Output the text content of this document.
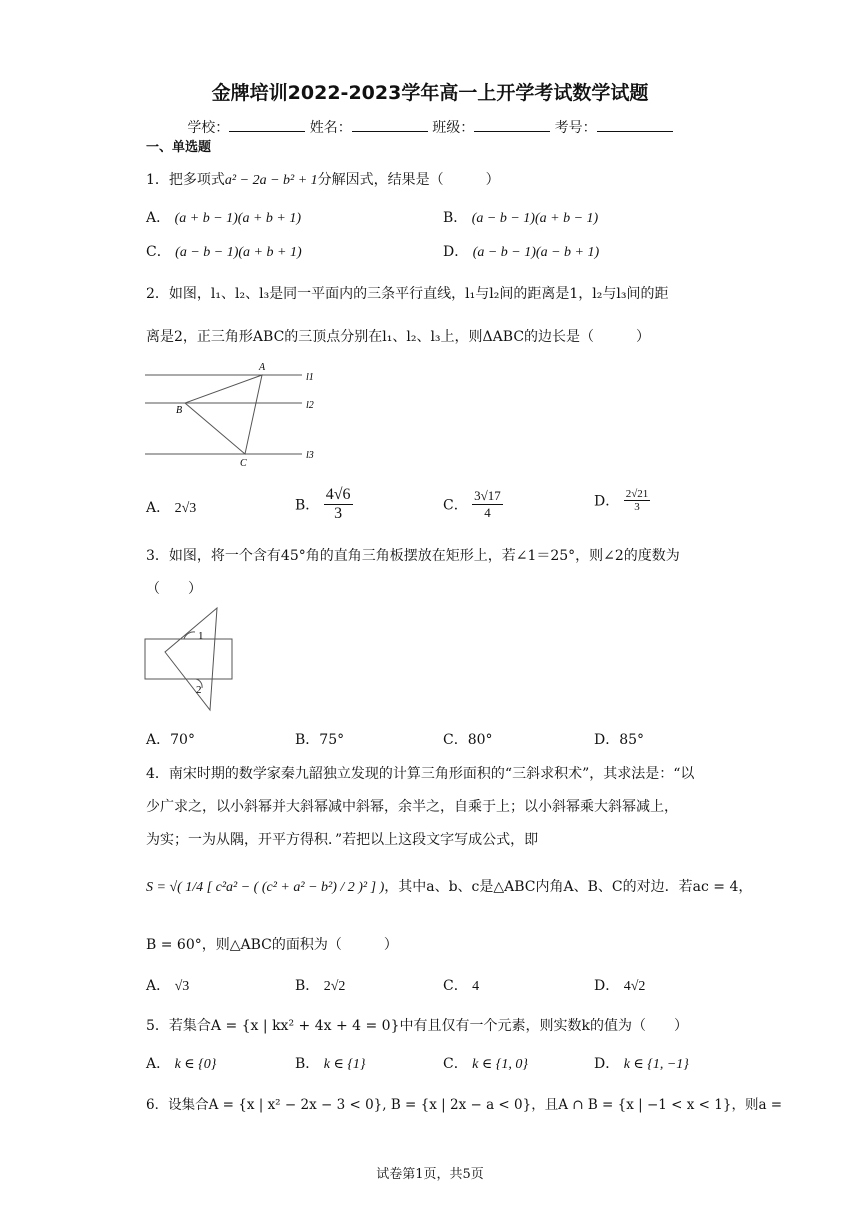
金牌培训2022-2023学年高一上开学考试数学试题
学校：	姓名：	班级：	考号：
一、单选题
1．把多项式a² − 2a − b² + 1分解因式，结果是（　　　）
A． (a + b − 1)(a + b + 1)	B． (a − b − 1)(a + b − 1)
C． (a − b − 1)(a + b + 1)	D． (a − b − 1)(a − b + 1)
2．如图，l₁、l₂、l₃是同一平面内的三条平行直线，l₁与l₂间的距离是1，l₂与l₃间的距
离是2，正三角形ABC的三顶点分别在l₁、l₂、l₃上，则ΔABC的边长是（　　　）
A
B
C
l1
l2
l3
A． 2√3	B． $\frac{4√6}{3}$	C． $\frac{3√17}{4}$	D． $\frac{2√21}{3}$
3．如图，将一个含有45°角的直角三角板摆放在矩形上，若∠1＝25°，则∠2的度数为
（　　）
1
2
A．70°	B．75°	C．80°	D．85°
4．南宋时期的数学家秦九韶独立发现的计算三角形面积的“三斜求积术”，其求法是：“以
少广求之，以小斜幂并大斜幂减中斜幂，余半之，自乘于上；以小斜幂乘大斜幂减上，
为实；一为从隅，开平方得积．”若把以上这段文字写成公式，即
S = √( 1/4 [ c²a² − ( (c² + a² − b²) / 2 )² ] )，其中a、b、c是△ABC内角A、B、C的对边．若ac = 4，
B = 60°，则△ABC的面积为（　　　）
A． √3	B． 2√2	C． 4	D． 4√2
5．若集合A = {x | kx² + 4x + 4 = 0}中有且仅有一个元素，则实数k的值为（　　）
A． k ∈ {0}	B． k ∈ {1}	C． k ∈ {1, 0}	D． k ∈ {1, −1}
6．设集合A = {x | x² − 2x − 3 < 0}, B = {x | 2x − a < 0}，且A ∩ B = {x | −1 < x < 1}，则a =
试卷第1页，共5页
